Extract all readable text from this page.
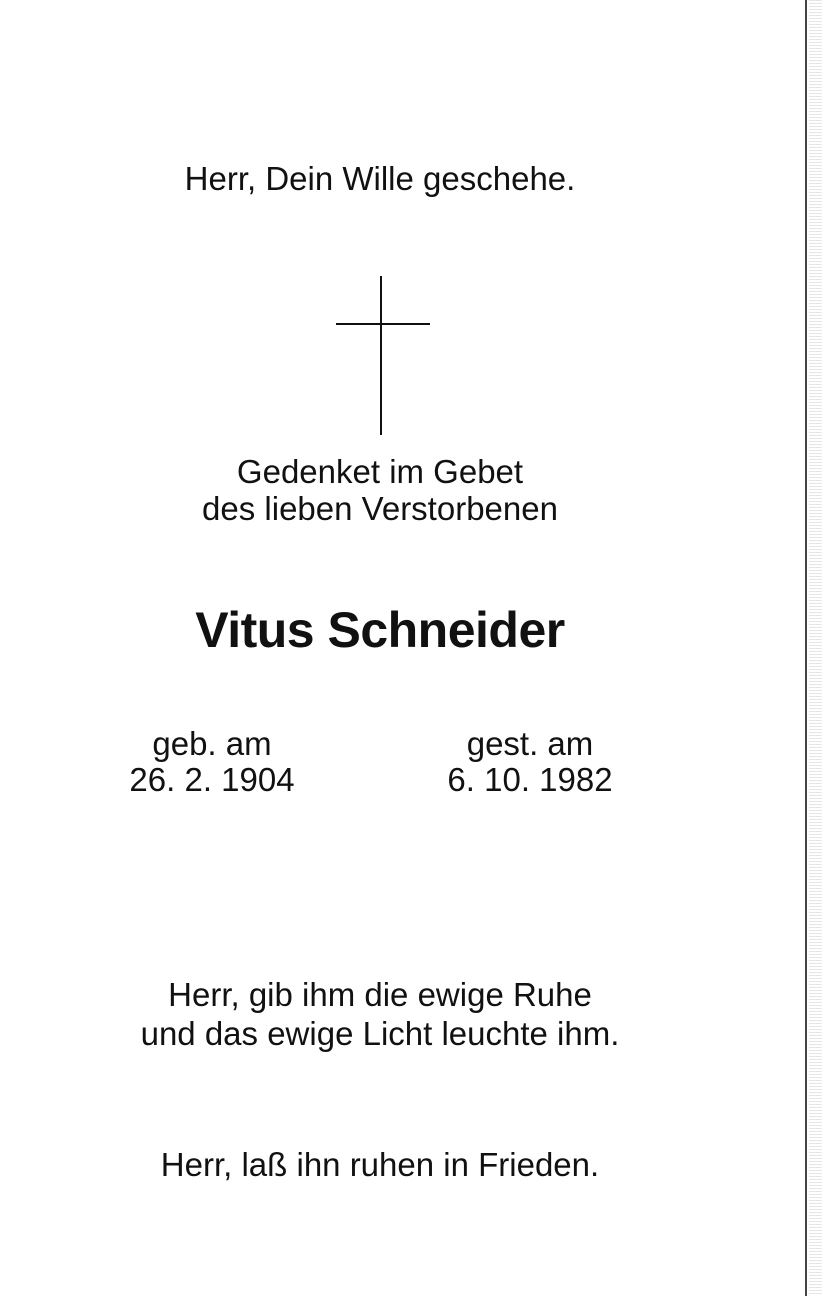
Herr, Dein Wille geschehe.
Gedenket im Gebet
des lieben Verstorbenen
Vitus Schneider
geb. am
26. 2. 1904
gest. am
6. 10. 1982
Herr, gib ihm die ewige Ruhe
und das ewige Licht leuchte ihm.
Herr, laß ihn ruhen in Frieden.
